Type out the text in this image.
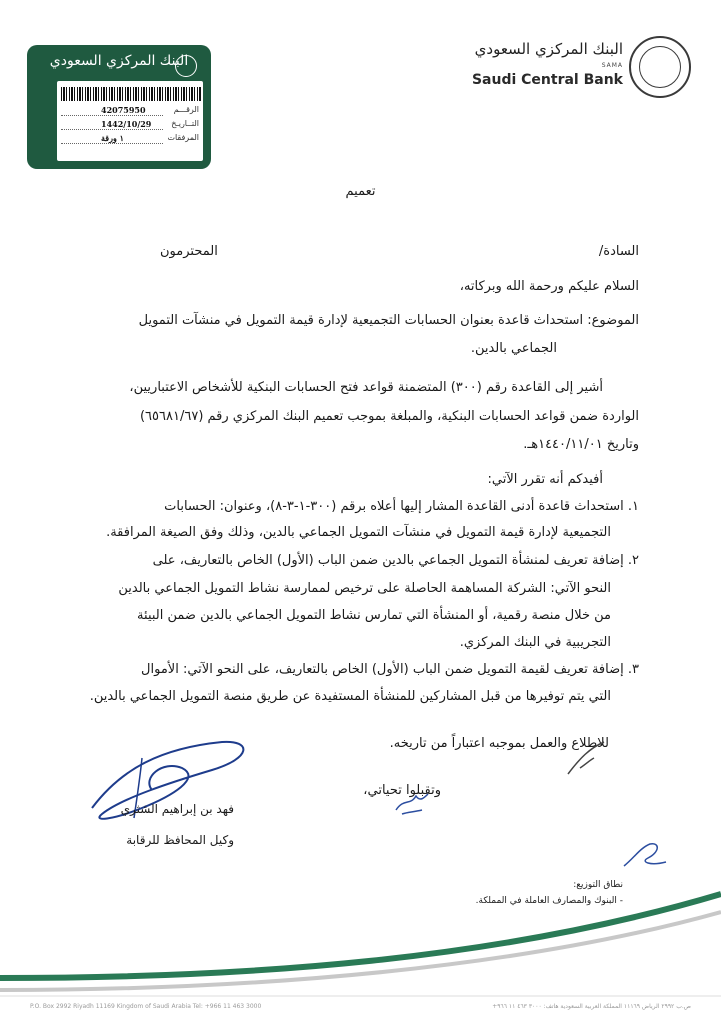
البنك المركزي السعودي
SAMA
Saudi Central Bank
البنك المركزي السعودي
الرقـــم
42075950
التــاريـخ
1442/10/29
المرفقات
١ ورقة
تعميم
السادة/
المحترمون
السلام عليكم ورحمة الله وبركاته،
الموضوع: استحداث قاعدة بعنوان الحسابات التجميعية لإدارة قيمة التمويل في منشآت التمويل
الجماعي بالدين.
أشير إلى القاعدة رقم (٣٠٠) المتضمنة قواعد فتح الحسابات البنكية للأشخاص الاعتباريين،
الواردة ضمن قواعد الحسابات البنكية، والمبلغة بموجب تعميم البنك المركزي رقم (٦٥٦٨١/٦٧)
وتاريخ ١٤٤٠/١١/٠١هـ.
أفيدكم أنه تقرر الآتي:
١. استحداث قاعدة أدنى القاعدة المشار إليها أعلاه برقم (٣٠٠-١-٣-٨)، وعنوان: الحسابات
التجميعية لإدارة قيمة التمويل في منشآت التمويل الجماعي بالدين، وذلك وفق الصيغة المرافقة.
٢. إضافة تعريف لمنشأة التمويل الجماعي بالدين ضمن الباب (الأول) الخاص بالتعاريف، على
النحو الآتي: الشركة المساهمة الحاصلة على ترخيص لممارسة نشاط التمويل الجماعي بالدين
من خلال منصة رقمية، أو المنشأة التي تمارس نشاط التمويل الجماعي بالدين ضمن البيئة
التجريبية في البنك المركزي.
٣. إضافة تعريف لقيمة التمويل ضمن الباب (الأول) الخاص بالتعاريف، على النحو الآتي: الأموال
التي يتم توفيرها من قبل المشاركين للمنشأة المستفيدة عن طريق منصة التمويل الجماعي بالدين.
للاطلاع والعمل بموجبه اعتباراً من تاريخه.
وتقبلوا تحياتي،
فهد بن إبراهيم الشثري
وكيل المحافظ للرقابة
نطاق التوزيع:
- البنوك والمصارف العاملة في المملكة.
P.O. Box 2992 Riyadh 11169 Kingdom of Saudi Arabia Tel: +966 11 463 3000	ص.ب ٢٩٩٢ الرياض ١١١٦٩ المملكة العربية السعودية هاتف: ٣٠٠٠ ٤٦٣ ١١ ٩٦٦+
